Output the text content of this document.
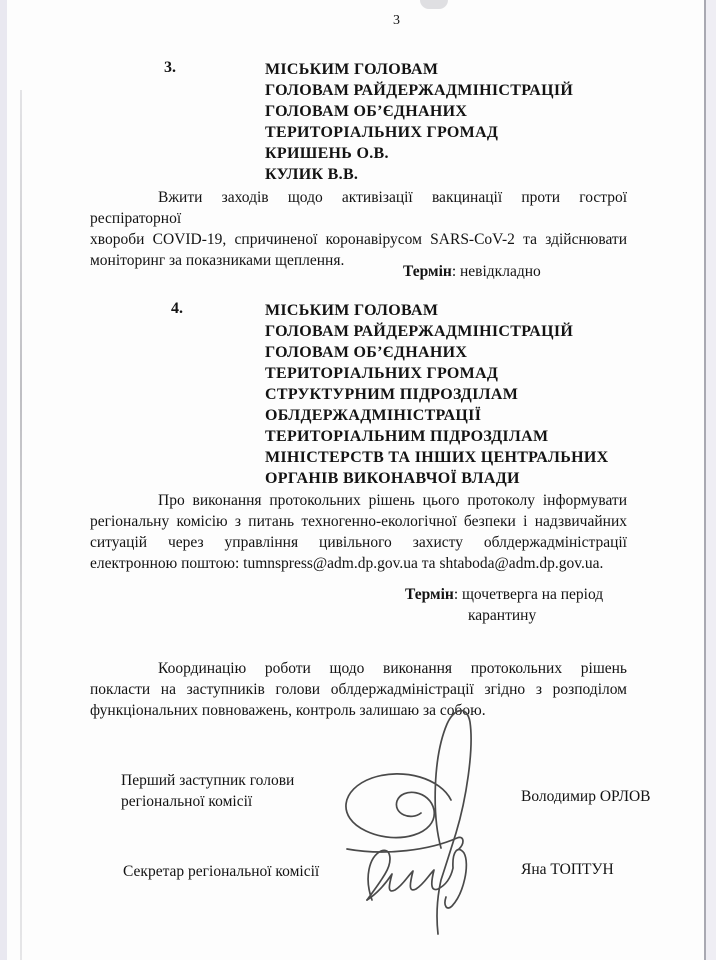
3
3.	МІСЬКИМ ГОЛОВАМ
ГОЛОВАМ РАЙДЕРЖАДМІНІСТРАЦІЙ
ГОЛОВАМ ОБ’ЄДНАНИХ
ТЕРИТОРІАЛЬНИХ ГРОМАД
КРИШЕНЬ О.В.
КУЛИК В.В.
Вжити заходів щодо активізації вакцинації проти гострої респіраторної
хвороби COVID-19, спричиненої коронавірусом SARS-CoV-2 та здійснювати
моніторинг за показниками щеплення.
Термін: невідкладно
4.	МІСЬКИМ ГОЛОВАМ
ГОЛОВАМ РАЙДЕРЖАДМІНІСТРАЦІЙ
ГОЛОВАМ ОБ’ЄДНАНИХ
ТЕРИТОРІАЛЬНИХ ГРОМАД
СТРУКТУРНИМ ПІДРОЗДІЛАМ
ОБЛДЕРЖАДМІНІСТРАЦІЇ
ТЕРИТОРІАЛЬНИМ ПІДРОЗДІЛАМ
МІНІСТЕРСТВ ТА ІНШИХ ЦЕНТРАЛЬНИХ
ОРГАНІВ ВИКОНАВЧОЇ ВЛАДИ
Про виконання протокольних рішень цього протоколу інформувати
регіональну комісію з питань техногенно-екологічної безпеки і надзвичайних
ситуацій через управління цивільного захисту облдержадміністрації
електронною поштою: tumnspress@adm.dp.gov.ua та shtaboda@adm.dp.gov.ua.
Термін: щочетверга на період
карантину
Координацію роботи щодо виконання протокольних рішень
покласти на заступників голови облдержадміністрації згідно з розподілом
функціональних повноважень, контроль залишаю за собою.
Перший заступник голови регіональної комісії	Володимир ОРЛОВ
Секретар регіональної комісії	Яна ТОПТУН
